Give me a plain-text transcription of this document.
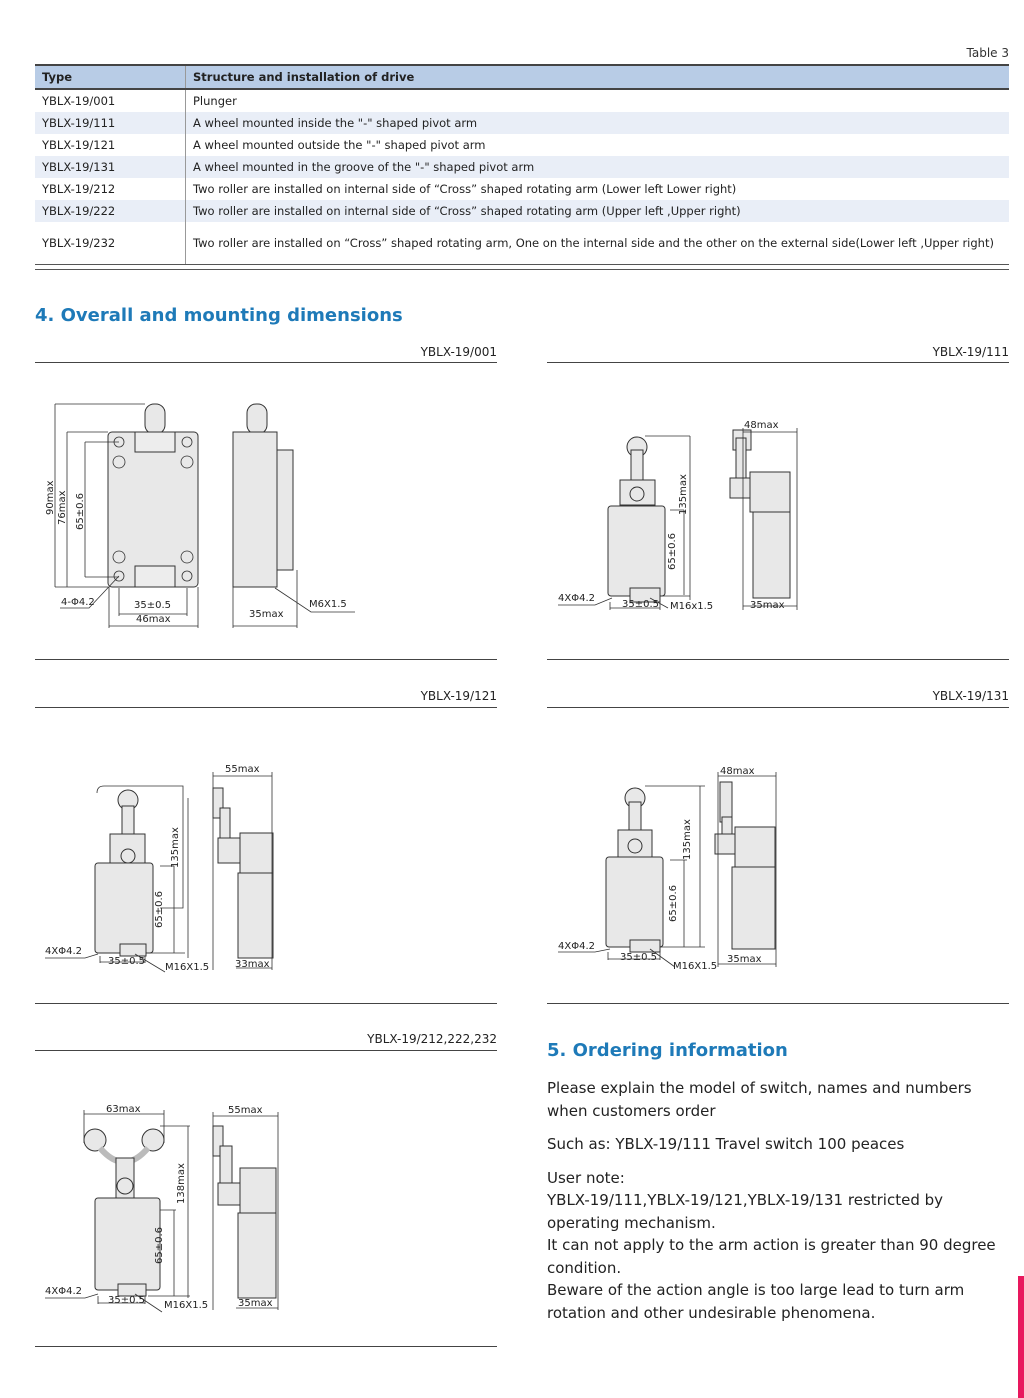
Table 3
Type	Structure and installation of drive
YBLX-19/001	Plunger
YBLX-19/111	A wheel mounted inside the "-" shaped pivot arm
YBLX-19/121	A wheel mounted outside the "-" shaped pivot arm
YBLX-19/131	A wheel mounted in the groove of the "-" shaped pivot arm
YBLX-19/212	Two roller are installed on internal side of “Cross” shaped rotating arm (Lower left Lower right)
YBLX-19/222	Two roller are installed on internal side of “Cross” shaped rotating arm (Upper left ,Upper right)
YBLX-19/232	Two roller are installed on “Cross” shaped rotating arm, One on the internal side and the other on the external side(Lower left ,Upper right)
4. Overall and mounting dimensions
YBLX-19/001
90max 76max 65±0.6
4-Φ4.2	35±0.5
46max	35max
M6X1.5
YBLX-19/111
48max
135max
65±0.6
4XΦ4.2
35±0.5 M16x1.5	35max
YBLX-19/121
55max
135max
65±0.6
4XΦ4.2
35±0.5
M16X1.5	33max
YBLX-19/131
48max
135max
65±0.6
4XΦ4.2
35±0.5
M16X1.5
35max
YBLX-19/212,222,232
63max	55max
138max
65±0.6
4XΦ4.2
35±0.5 M16X1.5	35max
5. Ordering information

Please explain the model of switch, names and numbers when customers order

Such as: YBLX-19/111 Travel switch 100 peaces

User note:

YBLX-19/111,YBLX-19/121,YBLX-19/131 restricted by operating mechanism.

It can not apply to the arm action is greater than 90 degree condition.

Beware of the action angle is too large lead to turn arm rotation and other undesirable phenomena.
